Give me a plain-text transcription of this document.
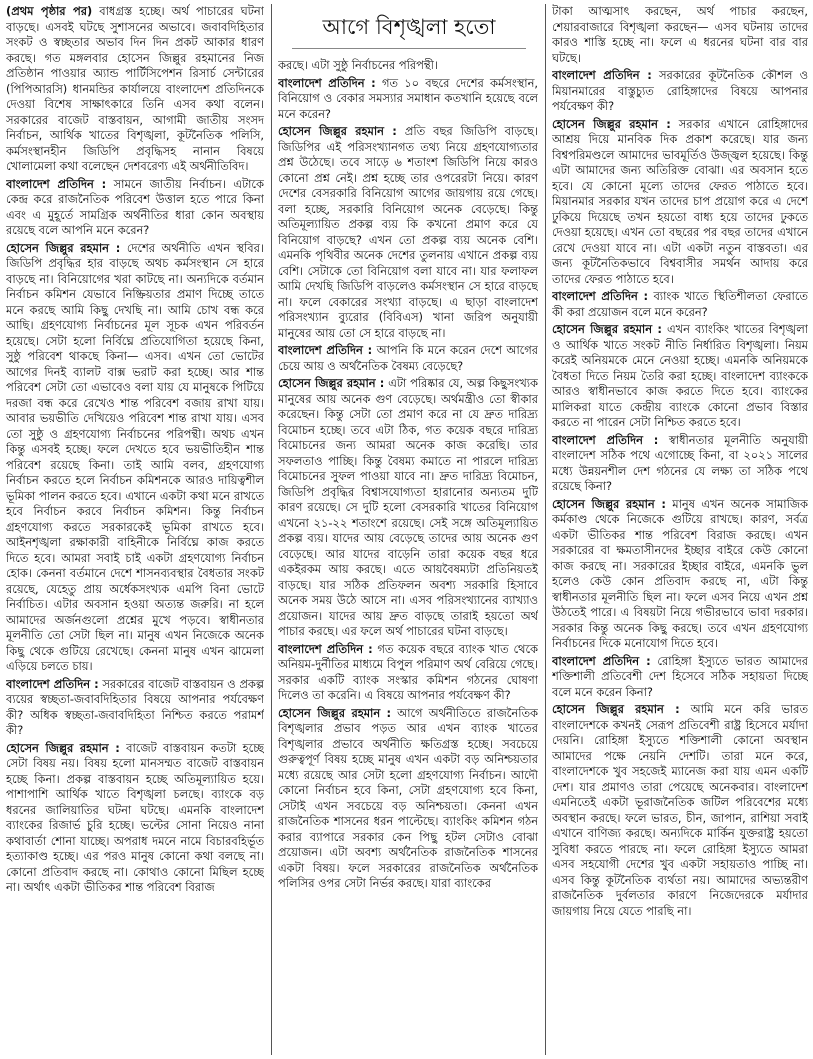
(প্রথম পৃষ্ঠার পর) বাধগ্রস্ত হচ্ছে। অর্থ পাচারের ঘটনা বাড়ছে। এসবই ঘটছে সুশাসনের অভাবে। জবাবদিহিতার সংকট ও স্বচ্ছতার অভাব দিন দিন প্রকট আকার ধারণ করছে। গত মঙ্গলবার হোসেন জিল্লুর রহমানের নিজ প্রতিষ্ঠান পাওয়ার অ্যান্ড পার্টিসিপেশন রিসার্চ সেন্টারের (পিপিআরসি) ধানমন্ডির কার্যালয়ে বাংলাদেশ প্রতিদিনকে দেওয়া বিশেষ সাক্ষাৎকারে তিনি এসব কথা বলেন। সরকারের বাজেট বাস্তবায়ন, আগামী জাতীয় সংসদ নির্বাচন, আর্থিক খাতের বিশৃঙ্খলা, কূটনৈতিক পলিসি, কর্মসংস্থানহীন জিডিপি প্রবৃদ্ধিসহ নানান বিষয়ে খোলামেলা কথা বলেছেন দেশবরেণ্য এই অর্থনীতিবিদ।

বাংলাদেশ প্রতিদিন : সামনে জাতীয় নির্বাচন। এটাকে কেন্দ্র করে রাজনৈতিক পরিবেশ উত্তাল হতে পারে কিনা এবং এ মুহূর্তে সামগ্রিক অর্থনীতির ধারা কোন অবস্থায় রয়েছে বলে আপনি মনে করেন?

হোসেন জিল্লুর রহমান : দেশের অর্থনীতি এখন স্থবির। জিডিপি প্রবৃদ্ধির হার বাড়ছে অথচ কর্মসংস্থান সে হারে বাড়ছে না। বিনিয়োগের খরা কাটছে না। অন্যদিকে বর্তমান নির্বাচন কমিশন যেভাবে নিষ্ক্রিয়তার প্রমাণ দিচ্ছে তাতে মনে করছে আমি কিছু দেখছি না। আমি চোখ বন্ধ করে আছি। গ্রহণযোগ্য নির্বাচনের মূল সূচক এখন পরিবর্তন হয়েছে। সেটা হলো নির্বিঘ্নে প্রতিযোগিতা হয়েছে কিনা, সুষ্ঠু পরিবেশ থাকছে কিনা— এসব। এখন তো ভোটের আগের দিনই ব্যালট বাক্স ভরাট করা হচ্ছে। আর শান্ত পরিবেশ সেটা তো এভাবেও বলা যায় যে মানুষকে পিটিয়ে দরজা বন্ধ করে রেখেও শান্ত পরিবেশ বজায় রাখা যায়। আবার ভয়ভীতি দেখিয়েও পরিবেশ শান্ত রাখা যায়। এসব তো সুষ্ঠু ও গ্রহণযোগ্য নির্বাচনের পরিপন্থী। অথচ এখন কিন্তু এসবই হচ্ছে। ফলে দেখতে হবে ভয়ভীতিহীন শান্ত পরিবেশ রয়েছে কিনা। তাই আমি বলব, গ্রহণযোগ্য নির্বাচন করতে হলে নির্বাচন কমিশনকে আরও দায়িত্বশীল ভূমিকা পালন করতে হবে। এখানে একটা কথা মনে রাখতে হবে নির্বাচন করবে নির্বাচন কমিশন। কিন্তু নির্বাচন গ্রহণযোগ্য করতে সরকারকেই ভূমিকা রাখতে হবে। আইনশৃঙ্খলা রক্ষাকারী বাহিনীকে নির্বিঘ্নে কাজ করতে দিতে হবে। আমরা সবাই চাই একটা গ্রহণযোগ্য নির্বাচন হোক। কেননা বর্তমানে দেশে শাসনব্যবস্থার বৈধতার সংকট রয়েছে, যেহেতু প্রায় অর্ধেকসংখ্যক এমপি বিনা ভোটে নির্বাচিত। এটার অবসান হওয়া অত্যন্ত জরুরি। না হলে আমাদের অর্জনগুলো প্রশ্নের মুখে পড়বে। স্বাধীনতার মূলনীতি তো সেটা ছিল না। মানুষ এখন নিজেকে অনেক কিছু থেকে গুটিয়ে রেখেছে। কেননা মানুষ এখন ঝামেলা এড়িয়ে চলতে চায়।

বাংলাদেশ প্রতিদিন : সরকারের বাজেট বাস্তবায়ন ও প্রকল্প ব্যয়ের স্বচ্ছতা-জবাবদিহিতার বিষয়ে আপনার পর্যবেক্ষণ কী? অধিক স্বচ্ছতা-জবাবদিহিতা নিশ্চিত করতে পরামর্শ কী?

হোসেন জিল্লুর রহমান : বাজেট বাস্তবায়ন কতটা হচ্ছে সেটা বিষয় নয়। বিষয় হলো মানসম্মত বাজেট বাস্তবায়ন হচ্ছে কিনা। প্রকল্প বাস্তবায়ন হচ্ছে অতিমূল্যায়িত হয়ে। পাশাপাশি আর্থিক খাতে বিশৃঙ্খলা চলছে। ব্যাংকে বড় ধরনের জালিয়াতির ঘটনা ঘটছে। এমনকি বাংলাদেশ ব্যাংকের রিজার্ভ চুরি হচ্ছে। ভল্টের সোনা নিয়েও নানা কথাবার্তা শোনা যাচ্ছে। অপরাধ দমনে নামে বিচারবহির্ভূত হত্যাকাণ্ড হচ্ছে। এর পরও মানুষ কোনো কথা বলছে না। কোনো প্রতিবাদ করছে না। কোথাও কোনো মিছিল হচ্ছে না। অর্থাৎ একটা ভীতিকর শান্ত পরিবেশ বিরাজ

আগে বিশৃঙ্খলা হতো

করছে। এটা সুষ্ঠু নির্বাচনের পরিপন্থী।

বাংলাদেশ প্রতিদিন : গত ১০ বছরে দেশের কর্মসংস্থান, বিনিয়োগ ও বেকার সমস্যার সমাধান কতখানি হয়েছে বলে মনে করেন?

হোসেন জিল্লুর রহমান : প্রতি বছর জিডিপি বাড়ছে। জিডিপির এই পরিসংখ্যানগত তথ্য নিয়ে গ্রহণযোগ্যতার প্রশ্ন উঠেছে। তবে সাড়ে ৬ শতাংশ জিডিপি নিয়ে কারও কোনো প্রশ্ন নেই। প্রশ্ন হচ্ছে তার ওপরেরটা নিয়ে। কারণ দেশের বেসরকারি বিনিয়োগ আগের জায়গায় রয়ে গেছে। বলা হচ্ছে, সরকারি বিনিয়োগ অনেক বেড়েছে। কিন্তু অতিমূল্যায়িত প্রকল্প ব্যয় কি কখনো প্রমাণ করে যে বিনিয়োগ বাড়ছে? এখন তো প্রকল্প ব্যয় অনেক বেশি। এমনকি পৃথিবীর অনেক দেশের তুলনায় এখানে প্রকল্প ব্যয় বেশি। সেটাকে তো বিনিয়োগ বলা যাবে না। যার ফলাফল আমি দেখছি জিডিপি বাড়লেও কর্মসংস্থান সে হারে বাড়ছে না। ফলে বেকারের সংখ্যা বাড়ছে। এ ছাড়া বাংলাদেশ পরিসংখ্যান ব্যুরোর (বিবিএস) খানা জরিপ অনুযায়ী মানুষের আয় তো সে হারে বাড়ছে না।

বাংলাদেশ প্রতিদিন : আপনি কি মনে করেন দেশে আগের চেয়ে আয় ও অর্থনৈতিক বৈষম্য বেড়েছে?

হোসেন জিল্লুর রহমান : এটা পরিষ্কার যে, অল্প কিছুসংখ্যক মানুষের আয় অনেক গুণ বেড়েছে। অর্থমন্ত্রীও তো স্বীকার করেছেন। কিন্তু সেটা তো প্রমাণ করে না যে দ্রুত দারিদ্র্য বিমোচন হচ্ছে। তবে এটা ঠিক, গত কয়েক বছরে দারিদ্র্য বিমোচনের জন্য আমরা অনেক কাজ করেছি। তার সফলতাও পাচ্ছি। কিন্তু বৈষম্য কমাতে না পারলে দারিদ্র্য বিমোচনের সুফল পাওয়া যাবে না। দ্রুত দারিদ্র্য বিমোচন, জিডিপি প্রবৃদ্ধির বিশ্বাসযোগ্যতা হারানোর অন্যতম দুটি কারণ রয়েছে। সে দুটি হলো বেসরকারি খাতের বিনিয়োগ এখনো ২১-২২ শতাংশে রয়েছে। সেই সঙ্গে অতিমূল্যায়িত প্রকল্প ব্যয়। যাদের আয় বেড়েছে তাদের আয় অনেক গুণ বেড়েছে। আর যাদের বাড়েনি তারা কয়েক বছর ধরে একইরকম আয় করছে। এতে আয়বৈষম্যটা প্রতিনিয়তই বাড়ছে। যার সঠিক প্রতিফলন অবশ্য সরকারি হিসাবে অনেক সময় উঠে আসে না। এসব পরিসংখ্যানের ব্যাখ্যাও প্রয়োজন। যাদের আয় দ্রুত বাড়ছে তারাই হয়তো অর্থ পাচার করছে। এর ফলে অর্থ পাচারের ঘটনা বাড়ছে।

বাংলাদেশ প্রতিদিন : গত কয়েক বছরে ব্যাংক খাত থেকে অনিয়ম-দুর্নীতির মাধ্যমে বিপুল পরিমাণ অর্থ বেরিয়ে গেছে। সরকার একটি ব্যাংক সংস্কার কমিশন গঠনের ঘোষণা দিলেও তা করেনি। এ বিষয়ে আপনার পর্যবেক্ষণ কী?

হোসেন জিল্লুর রহমান : আগে অর্থনীতিতে রাজনৈতিক বিশৃঙ্খলার প্রভাব পড়ত আর এখন ব্যাংক খাতের বিশৃঙ্খলার প্রভাবে অর্থনীতি ক্ষতিগ্রস্ত হচ্ছে। সবচেয়ে গুরুত্বপূর্ণ বিষয় হচ্ছে মানুষ এখন একটা বড় অনিশ্চয়তার মধ্যে রয়েছে আর সেটা হলো গ্রহণযোগ্য নির্বাচন। আদৌ কোনো নির্বাচন হবে কিনা, সেটা গ্রহণযোগ্য হবে কিনা, সেটাই এখন সবচেয়ে বড় অনিশ্চয়তা। কেননা এখন রাজনৈতিক শাসনের ধরন পাল্টেছে। ব্যাংকিং কমিশন গঠন করার ব্যাপারে সরকার কেন পিছু হটল সেটাও বোঝা প্রয়োজন। এটা অবশ্য অর্থনৈতিক রাজনৈতিক শাসনের একটা বিষয়। ফলে সরকারের রাজনৈতিক অর্থনৈতিক পলিসির ওপর সেটা নির্ভর করছে। যারা ব্যাংকের

টাকা আত্মসাৎ করছেন, অর্থ পাচার করছেন, শেয়ারবাজারে বিশৃঙ্খলা করছেন— এসব ঘটনায় তাদের কারও শাস্তি হচ্ছে না। ফলে এ ধরনের ঘটনা বার বার ঘটছে।

বাংলাদেশ প্রতিদিন : সরকারের কূটনৈতিক কৌশল ও মিয়ানমারের বাস্তুচ্যুত রোহিঙ্গাদের বিষয়ে আপনার পর্যবেক্ষণ কী?

হোসেন জিল্লুর রহমান : সরকার এখানে রোহিঙ্গাদের আশ্রয় দিয়ে মানবিক দিক প্রকাশ করেছে। যার জন্য বিশ্বপরিমণ্ডলে আমাদের ভাবমূর্তিও উজ্জ্বল হয়েছে। কিন্তু এটা আমাদের জন্য অতিরিক্ত বোঝা। এর অবসান হতে হবে। যে কোনো মূল্যে তাদের ফেরত পাঠাতে হবে। মিয়ানমার সরকার যখন তাদের চাপ প্রয়োগ করে এ দেশে ঢুকিয়ে দিয়েছে তখন হয়তো বাধ্য হয়ে তাদের ঢুকতে দেওয়া হয়েছে। এখন তো বছরের পর বছর তাদের এখানে রেখে দেওয়া যাবে না। এটা একটা নতুন বাস্তবতা। এর জন্য কূটনৈতিকভাবে বিশ্ববাসীর সমর্থন আদায় করে তাদের ফেরত পাঠাতে হবে।

বাংলাদেশ প্রতিদিন : ব্যাংক খাতে স্থিতিশীলতা ফেরাতে কী করা প্রয়োজন বলে মনে করেন?

হোসেন জিল্লুর রহমান : এখন ব্যাংকিং খাতের বিশৃঙ্খলা ও আর্থিক খাতে সংকট নীতি নির্ধারিত বিশৃঙ্খলা। নিয়ম করেই অনিয়মকে মেনে নেওয়া হচ্ছে। এমনকি অনিয়মকে বৈধতা দিতে নিয়ম তৈরি করা হচ্ছে। বাংলাদেশ ব্যাংককে আরও স্বাধীনভাবে কাজ করতে দিতে হবে। ব্যাংকের মালিকরা যাতে কেন্দ্রীয় ব্যাংকে কোনো প্রভাব বিস্তার করতে না পারেন সেটা নিশ্চিত করতে হবে।

বাংলাদেশ প্রতিদিন : স্বাধীনতার মূলনীতি অনুযায়ী বাংলাদেশ সঠিক পথে এগোচ্ছে কিনা, বা ২০২১ সালের মধ্যে উন্নয়নশীল দেশ গঠনের যে লক্ষ্য তা সঠিক পথে রয়েছে কিনা?

হোসেন জিল্লুর রহমান : মানুষ এখন অনেক সামাজিক কর্মকাণ্ড থেকে নিজেকে গুটিয়ে রাখছে। কারণ, সর্বত্র একটা ভীতিকর শান্ত পরিবেশ বিরাজ করছে। এখন সরকারের বা ক্ষমতাসীনদের ইচ্ছার বাইরে কেউ কোনো কাজ করছে না। সরকারের ইচ্ছার বাইরে, এমনকি ভুল হলেও কেউ কোন প্রতিবাদ করছে না, এটা কিন্তু স্বাধীনতার মূলনীতি ছিল না। ফলে এসব নিয়ে এখন প্রশ্ন উঠতেই পারে। এ বিষয়টা নিয়ে গভীরভাবে ভাবা দরকার। সরকার কিন্তু অনেক কিছু করছে। তবে এখন গ্রহণযোগ্য নির্বাচনের দিকে মনোযোগ দিতে হবে।

বাংলাদেশ প্রতিদিন : রোহিঙ্গা ইস্যুতে ভারত আমাদের শক্তিশালী প্রতিবেশী দেশ হিসেবে সঠিক সহায়তা দিচ্ছে বলে মনে করেন কিনা?

হোসেন জিল্লুর রহমান : আমি মনে করি ভারত বাংলাদেশকে কখনই সেরূপ প্রতিবেশী রাষ্ট্র হিসেবে মর্যাদা দেয়নি। রোহিঙ্গা ইস্যুতে শক্তিশালী কোনো অবস্থান আমাদের পক্ষে নেয়নি দেশটি। তারা মনে করে, বাংলাদেশকে খুব সহজেই ম্যানেজ করা যায় এমন একটি দেশ। যার প্রমাণও তারা পেয়েছে অনেকবার। বাংলাদেশ এমনিতেই একটা ভূরাজনৈতিক জটিল পরিবেশের মধ্যে অবস্থান করছে। ফলে ভারত, চীন, জাপান, রাশিয়া সবাই এখানে বাণিজ্য করছে। অন্যদিকে মার্কিন যুক্তরাষ্ট্র হয়তো সুবিধা করতে পারছে না। ফলে রোহিঙ্গা ইস্যুতে আমরা এসব সহযোগী দেশের খুব একটা সহায়তাও পাচ্ছি না। এসব কিন্তু কূটনৈতিক ব্যর্থতা নয়। আমাদের অভ্যন্তরীণ রাজনৈতিক দুর্বলতার কারণে নিজেদেরকে মর্যাদার জায়গায় নিয়ে যেতে পারছি না।
